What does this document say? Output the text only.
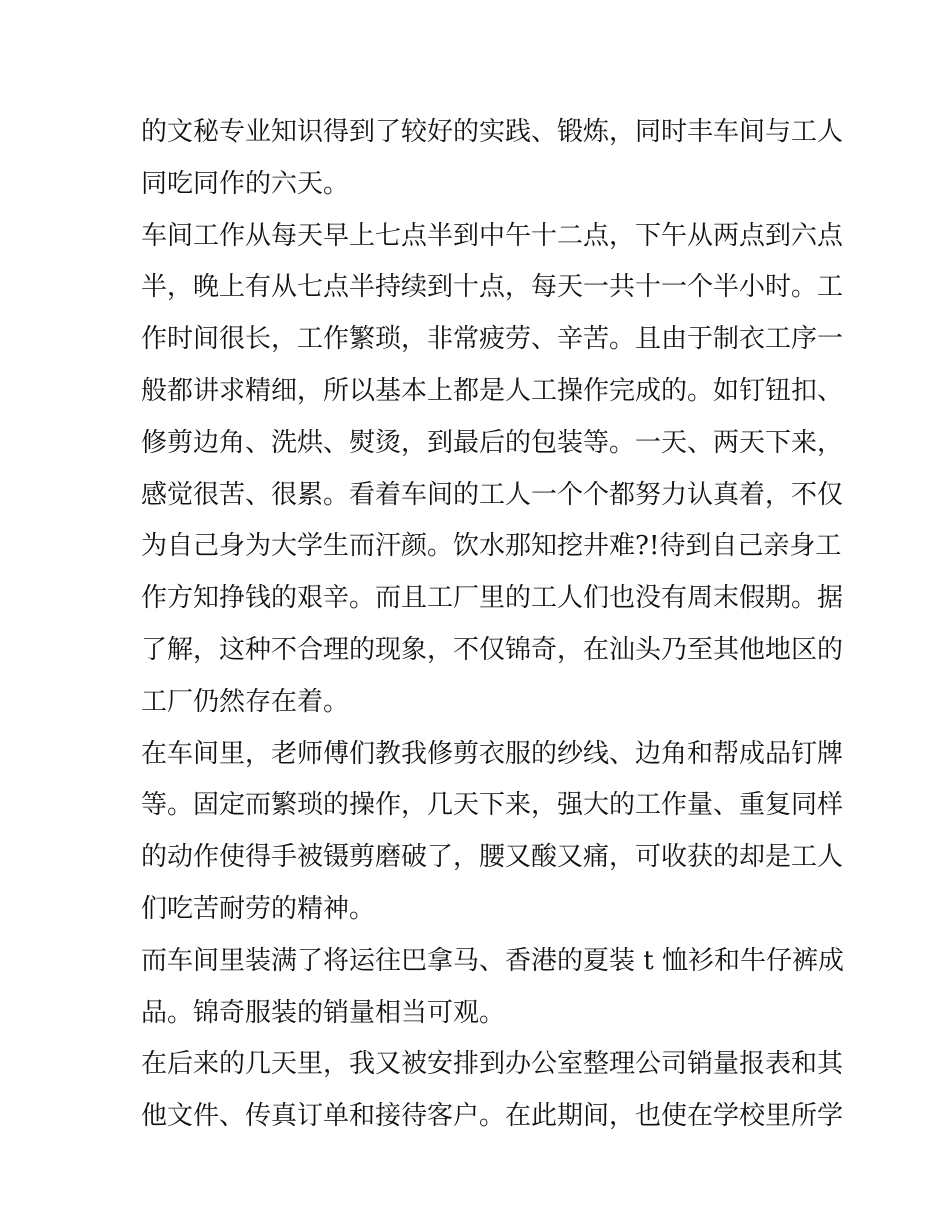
的文秘专业知识得到了较好的实践、锻炼，同时丰车间与工人
同吃同作的六天。
车间工作从每天早上七点半到中午十二点，下午从两点到六点
半，晚上有从七点半持续到十点，每天一共十一个半小时。工
作时间很长，工作繁琐，非常疲劳、辛苦。且由于制衣工序一
般都讲求精细，所以基本上都是人工操作完成的。如钉钮扣、
修剪边角、洗烘、熨烫，到最后的包装等。一天、两天下来，
感觉很苦、很累。看着车间的工人一个个都努力认真着，不仅
为自己身为大学生而汗颜。饮水那知挖井难?!待到自己亲身工
作方知挣钱的艰辛。而且工厂里的工人们也没有周末假期。据
了解，这种不合理的现象，不仅锦奇，在汕头乃至其他地区的
工厂仍然存在着。
在车间里，老师傅们教我修剪衣服的纱线、边角和帮成品钉牌
等。固定而繁琐的操作，几天下来，强大的工作量、重复同样
的动作使得手被镊剪磨破了，腰又酸又痛，可收获的却是工人
们吃苦耐劳的精神。
而车间里装满了将运往巴拿马、香港的夏装 t 恤衫和牛仔裤成
品。锦奇服装的销量相当可观。
在后来的几天里，我又被安排到办公室整理公司销量报表和其
他文件、传真订单和接待客户。在此期间，也使在学校里所学
